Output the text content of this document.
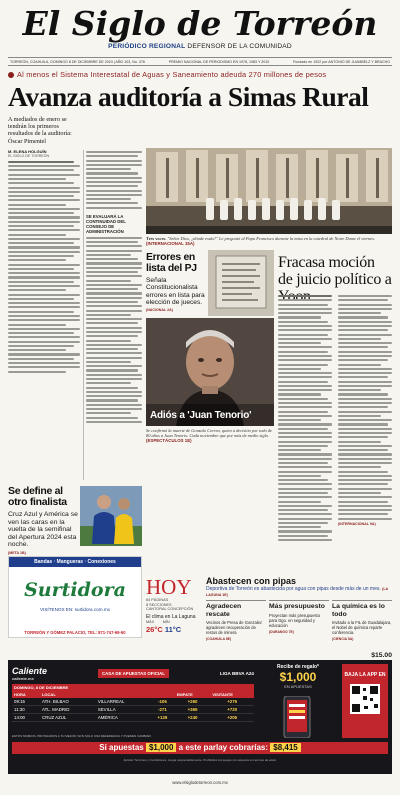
El Siglo de Torreón
PERIÓDICO REGIONAL DEFENSOR DE LA COMUNIDAD
TORREÓN, COAHUILA, DOMINGO 8 DE DICIEMBRE DE 2024 | AÑO 103, No. 376	PREMIO NACIONAL DE PERIODISMO EN 1978, 1983 Y 2010	Fundado en 1922 por ANTONIO DE JUAMBELZ Y BRACHO
Al menos el Sistema Interestatal de Aguas y Saneamiento adeuda 270 millones de pesos
Avanza auditoría a Simas Rural
A mediados de enero se tendrán los primeros resultados de la auditoría: Óscar Pimentel
M. ELENA HOLGUÍN
EL SIGLO DE TORREÓN
SE EVALUARÁ LA CONTINUIDAD DEL CONSEJO DE ADMINISTRACIÓN
Tres voces. "Señor Dios, ¿dónde estás?" Le preguntó al Papa Francisco durante la misa en la catedral de Notre Dame el viernes. (INTERNACIONAL 15A)
Errores en lista del PJ
Señala Constitucionalista errores en lista para elección de jueces.
(NACIONAL 2A)
Fracasa moción de juicio político a
(INTERNACIONAL 9A)
Adiós a 'Juan Tenorio'
Se confirmó la muerte de Gonzalo Correa, quien a decisión por todo de 80 años a Juan Tenorio. Cada noviembre que por más de medio siglo. (ESPECTÁCULOS 1E)
Se define al otro finalista
Cruz Azul y América se ven las caras en la vuelta de la semifinal del Apertura 2024 esta noche.
(META 1B)
Bandas · Mangueras · Conexiones
Surtidora
VISÍTENOS EN: surtidora.com.mx
TORREÓN Y GÓMEZ PALACIO, TEL: 871-747-69-50
HOY
64 PÁGINAS
8 SECCIONES
CANTORAL CONCEPCIÓN
El clima en La Laguna
MÁX MÍN
26°C 11°C
Abastecen con pipas
Deportiva de Torreón es abastecida por agua con pipas desde más de un mes. (LA LAGUNA 1E)
Agradecen rescate
Vecinos de Presa de Gonzalez agradecen recuperación de restos de minera
(COAHUILA 8E)
Más presupuesto
Proyectan más presupuesto para Dgo. en seguridad y educación
(DURANGO 7E)
La química es lo todo
Invitado a la FIL de Guadalajara, el Nobel de química reparte conferencia.
(CIENCIA 5A)
$15.00
Caliente
caliente.mx
CASA DE APUESTAS OFICIAL	LIGA BBVA A24
DOMINGO, 8 DE DICIEMBRE					
HORA	LOCAL			EMPATE	VISITANTE
09:15	ATH. BILBAO	VILLARREAL	-106	+260	+275
11:30	ATL. MADRID	SEVILLA	-271	+365	+720
14:00	CRUZ AZUL	AMÉRICA	+129	+240	+205
ESTOS MOMIOS, PROTEGIDOS A TU MEJOR, SON SOLO UNA REFERENCIA Y PUEDEN CAMBIAR.
Si apuestas $1,000 a este parlay cobrarías: $8,415
Recibe de regalo*
$1,000
EN APUESTAS
BAJA LA APP EN
Aplican Términos y Condiciones. Juega responsablemente. Prohibidos los juegos con apuesta a menores de edad.
www.elsiglodetorreon.com.mx
